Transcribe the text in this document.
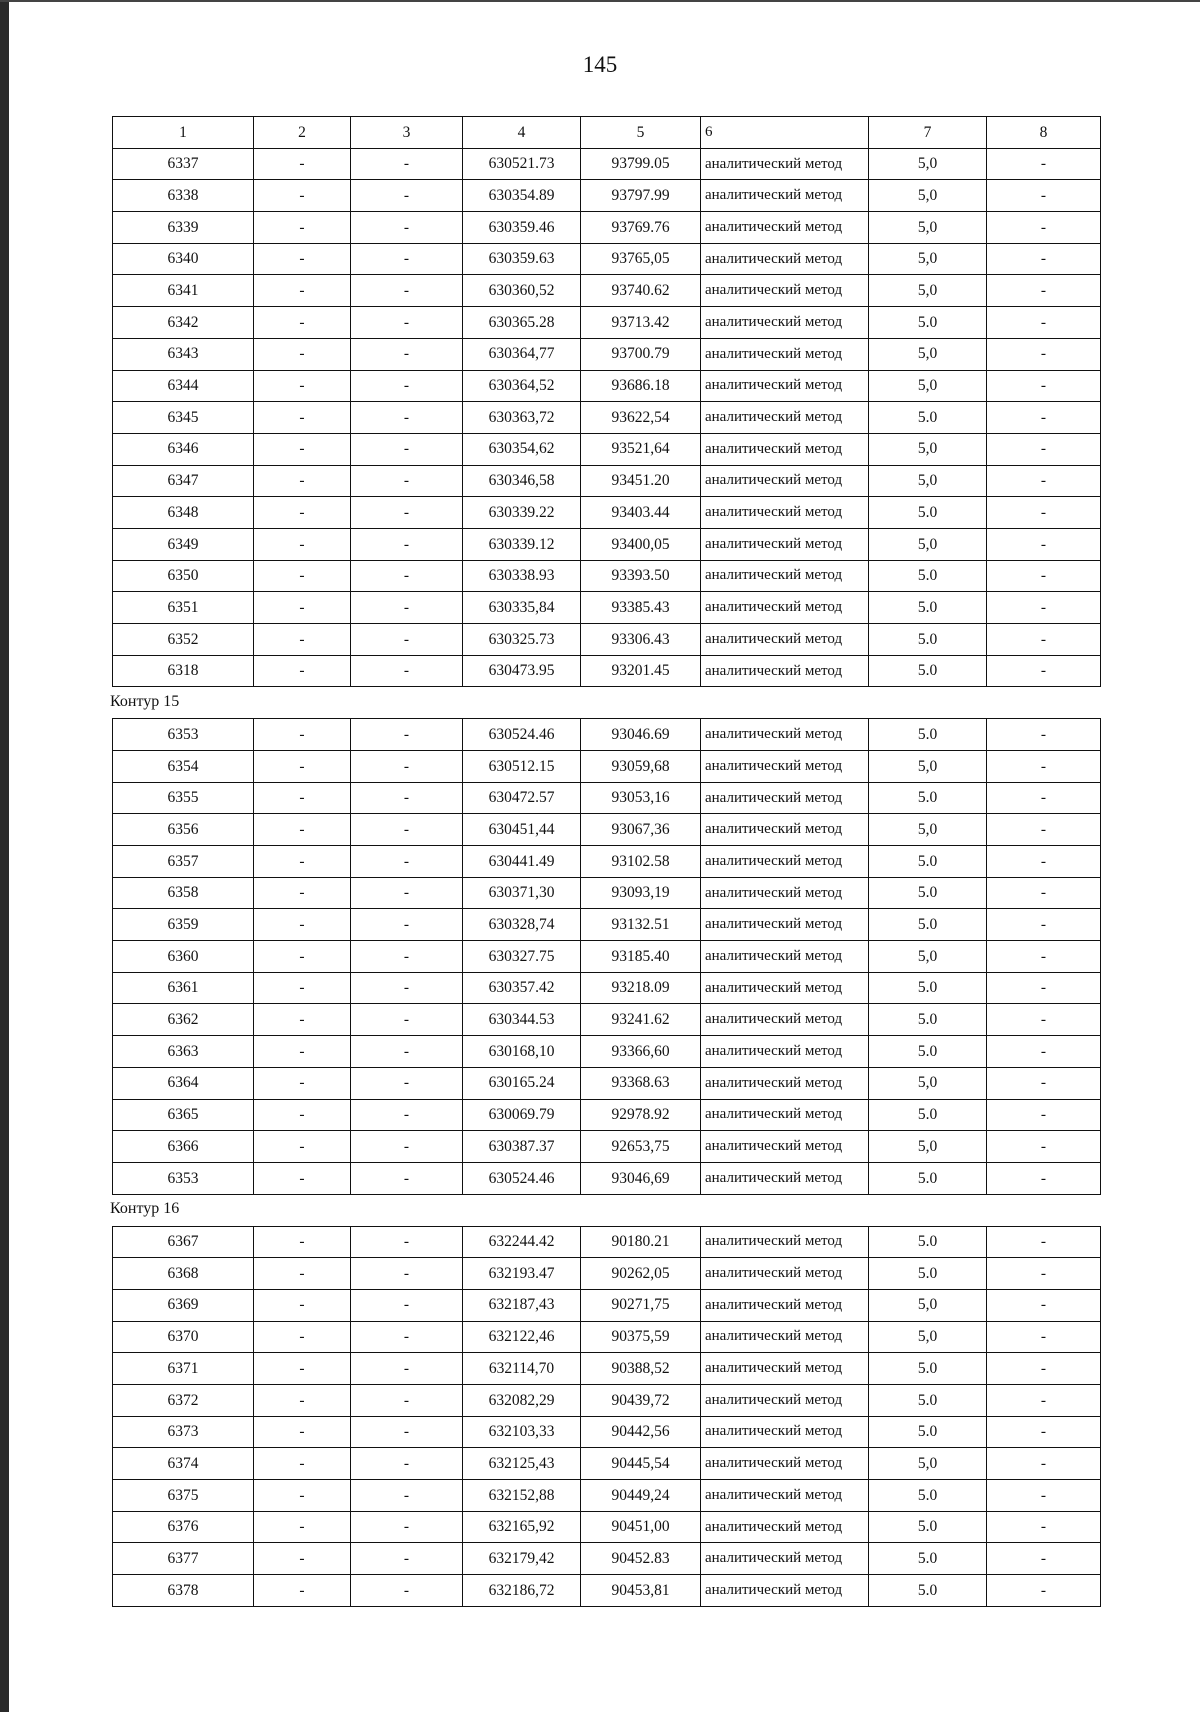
145
1	2	3	4	5	6	7	8
6337	-	-	630521.73	93799.05	аналитический метод	5,0	-
6338	-	-	630354.89	93797.99	аналитический метод	5,0	-
6339	-	-	630359.46	93769.76	аналитический метод	5,0	-
6340	-	-	630359.63	93765,05	аналитический метод	5,0	-
6341	-	-	630360,52	93740.62	аналитический метод	5,0	-
6342	-	-	630365.28	93713.42	аналитический метод	5.0	-
6343	-	-	630364,77	93700.79	аналитический метод	5,0	-
6344	-	-	630364,52	93686.18	аналитический метод	5,0	-
6345	-	-	630363,72	93622,54	аналитический метод	5.0	-
6346	-	-	630354,62	93521,64	аналитический метод	5,0	-
6347	-	-	630346,58	93451.20	аналитический метод	5,0	-
6348	-	-	630339.22	93403.44	аналитический метод	5.0	-
6349	-	-	630339.12	93400,05	аналитический метод	5,0	-
6350	-	-	630338.93	93393.50	аналитический метод	5.0	-
6351	-	-	630335,84	93385.43	аналитический метод	5.0	-
6352	-	-	630325.73	93306.43	аналитический метод	5.0	-
6318	-	-	630473.95	93201.45	аналитический метод	5.0	-
Контур 15
6353	-	-	630524.46	93046.69	аналитический метод	5.0	-
6354	-	-	630512.15	93059,68	аналитический метод	5,0	-
6355	-	-	630472.57	93053,16	аналитический метод	5.0	-
6356	-	-	630451,44	93067,36	аналитический метод	5,0	-
6357	-	-	630441.49	93102.58	аналитический метод	5.0	-
6358	-	-	630371,30	93093,19	аналитический метод	5.0	-
6359	-	-	630328,74	93132.51	аналитический метод	5.0	-
6360	-	-	630327.75	93185.40	аналитический метод	5,0	-
6361	-	-	630357.42	93218.09	аналитический метод	5.0	-
6362	-	-	630344.53	93241.62	аналитический метод	5.0	-
6363	-	-	630168,10	93366,60	аналитический метод	5.0	-
6364	-	-	630165.24	93368.63	аналитический метод	5,0	-
6365	-	-	630069.79	92978.92	аналитический метод	5.0	-
6366	-	-	630387.37	92653,75	аналитический метод	5,0	-
6353	-	-	630524.46	93046,69	аналитический метод	5.0	-
Контур 16
6367	-	-	632244.42	90180.21	аналитический метод	5.0	-
6368	-	-	632193.47	90262,05	аналитический метод	5.0	-
6369	-	-	632187,43	90271,75	аналитический метод	5,0	-
6370	-	-	632122,46	90375,59	аналитический метод	5,0	-
6371	-	-	632114,70	90388,52	аналитический метод	5.0	-
6372	-	-	632082,29	90439,72	аналитический метод	5.0	-
6373	-	-	632103,33	90442,56	аналитический метод	5.0	-
6374	-	-	632125,43	90445,54	аналитический метод	5,0	-
6375	-	-	632152,88	90449,24	аналитический метод	5.0	-
6376	-	-	632165,92	90451,00	аналитический метод	5.0	-
6377	-	-	632179,42	90452.83	аналитический метод	5.0	-
6378	-	-	632186,72	90453,81	аналитический метод	5.0	-
